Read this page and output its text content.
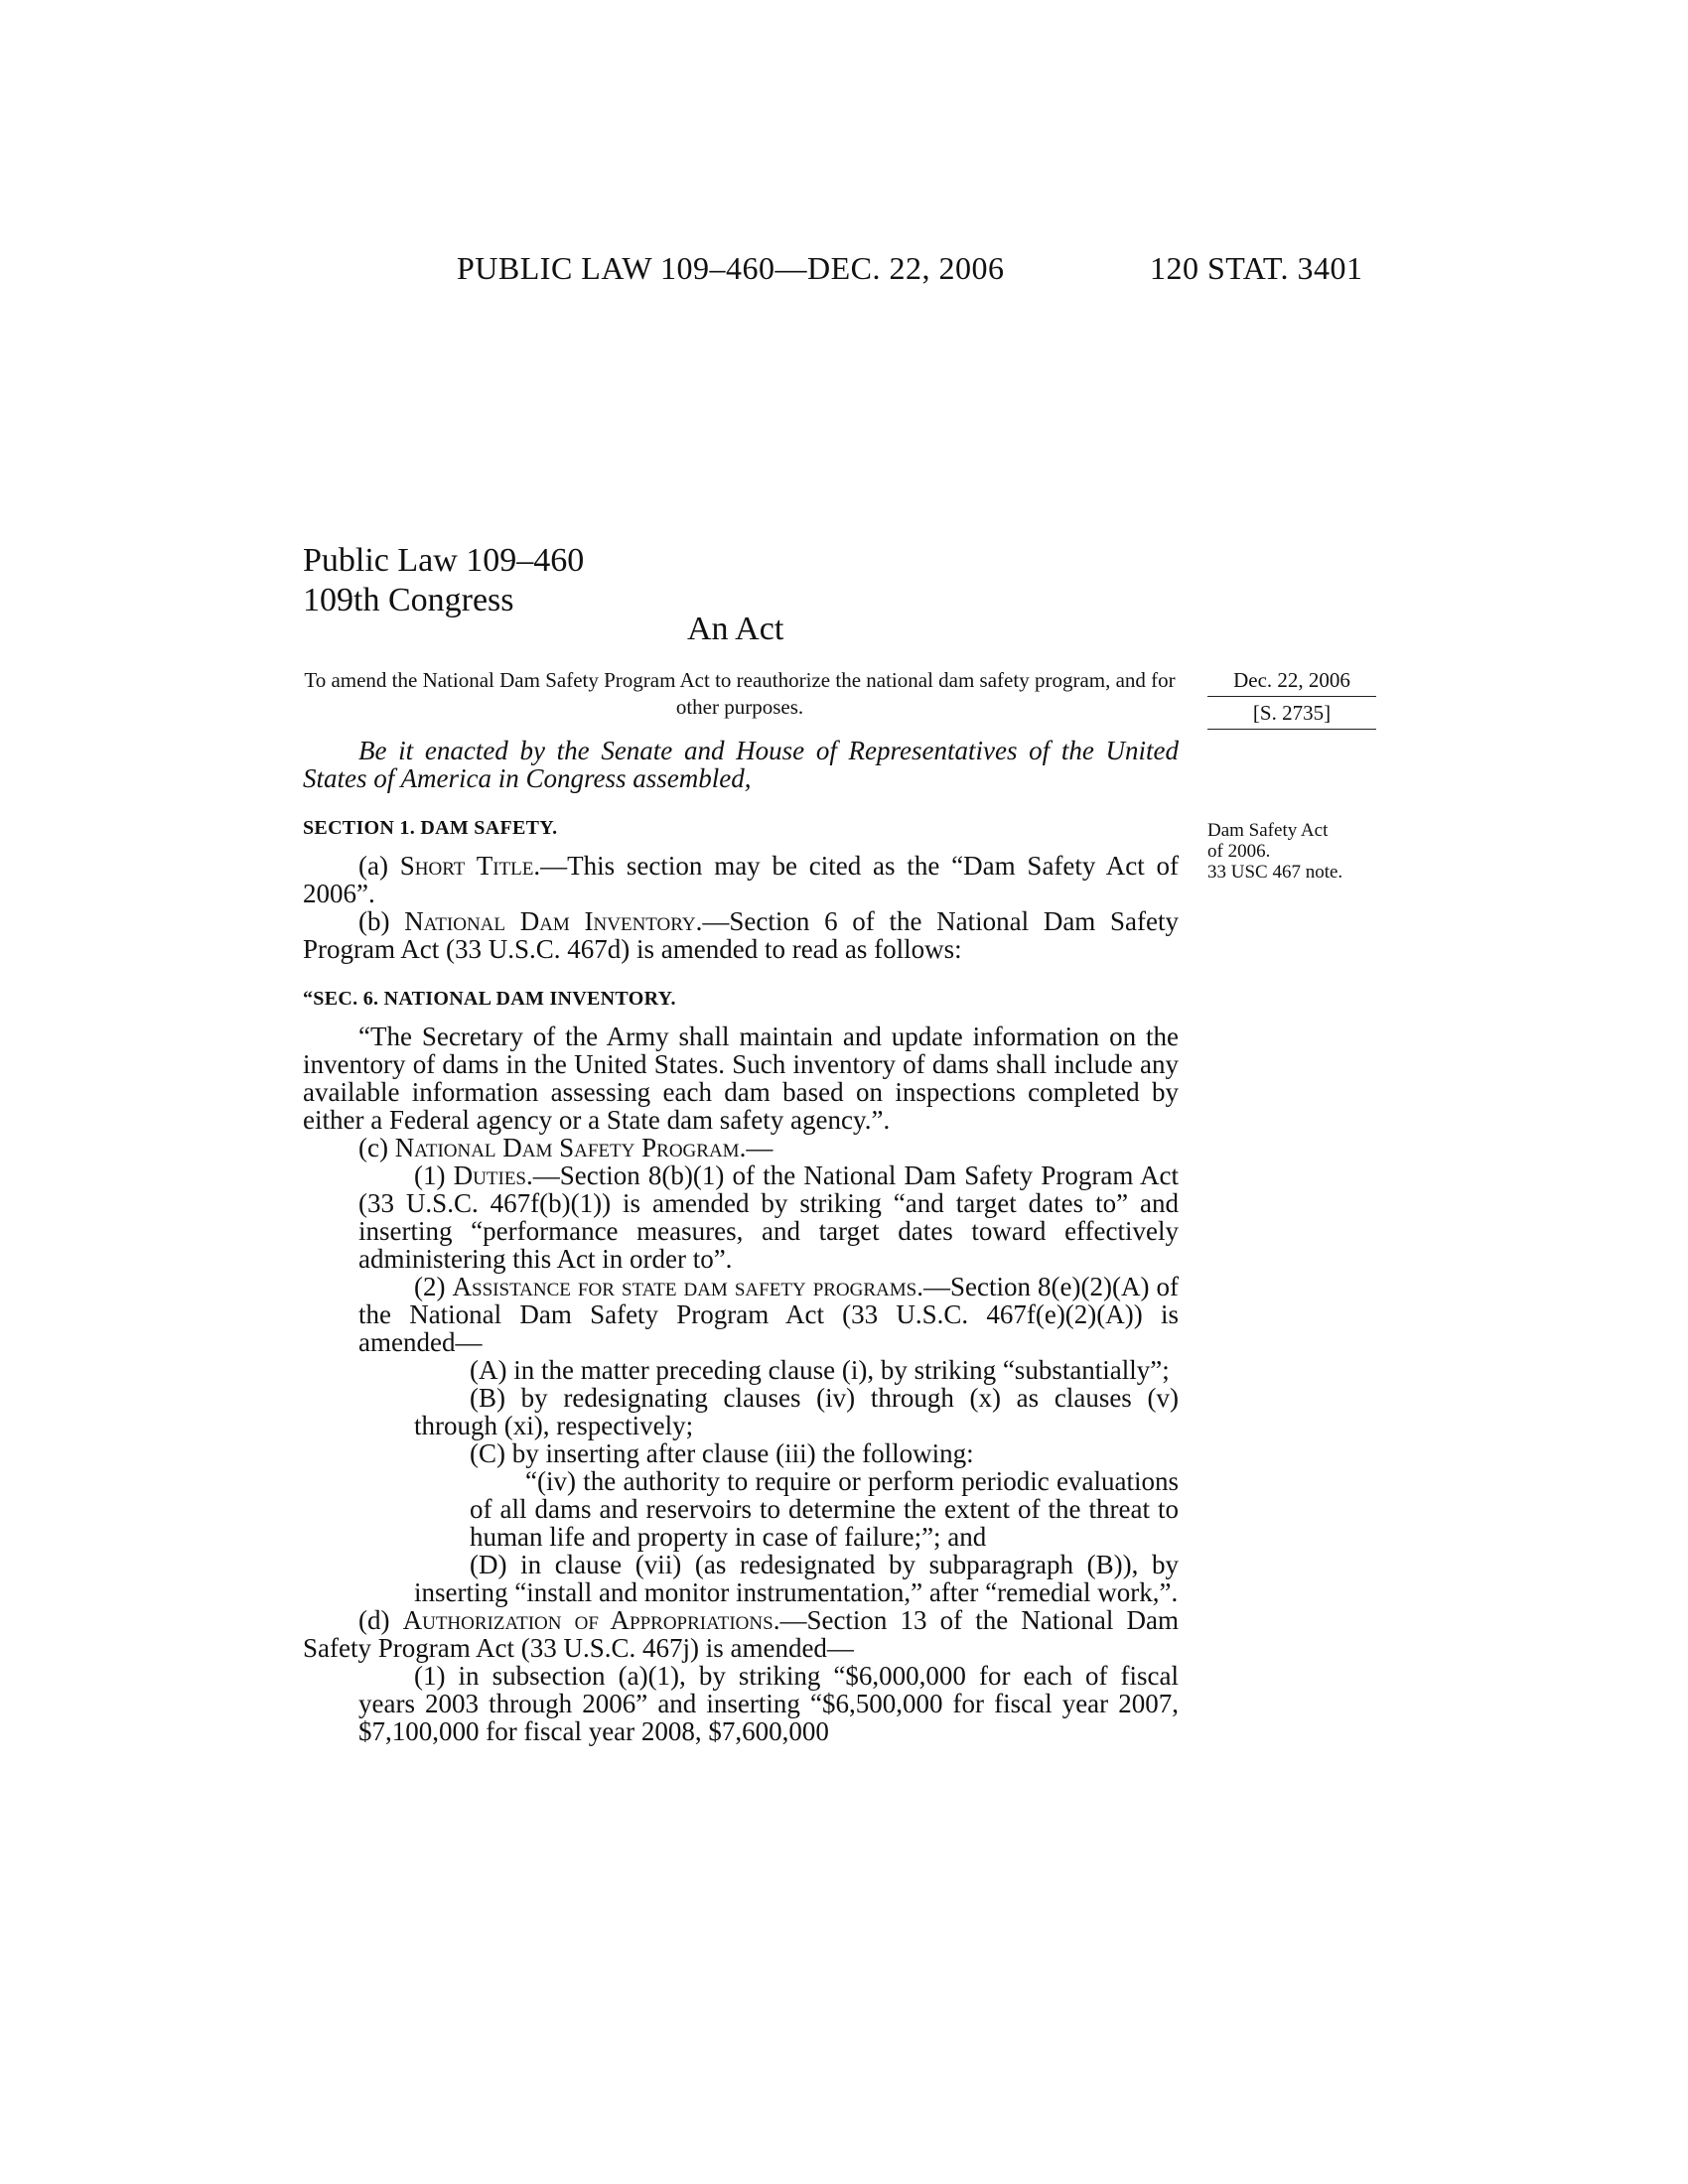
PUBLIC LAW 109–460—DEC. 22, 2006	120 STAT. 3401
Public Law 109–460
109th Congress
An Act
To amend the National Dam Safety Program Act to reauthorize the national dam safety program, and for other purposes.
Dec. 22, 2006
[S. 2735]
Dam Safety Act
of 2006.
33 USC 467 note.

Be it enacted by the Senate and House of Representatives of the United States of America in Congress assembled,

SECTION 1. DAM SAFETY.

(a) Short Title.—This section may be cited as the “Dam Safety Act of 2006”.

(b) National Dam Inventory.—Section 6 of the National Dam Safety Program Act (33 U.S.C. 467d) is amended to read as follows:

“SEC. 6. NATIONAL DAM INVENTORY.

“The Secretary of the Army shall maintain and update information on the inventory of dams in the United States. Such inventory of dams shall include any available information assessing each dam based on inspections completed by either a Federal agency or a State dam safety agency.”.

(c) National Dam Safety Program.—

(1) Duties.—Section 8(b)(1) of the National Dam Safety Program Act (33 U.S.C. 467f(b)(1)) is amended by striking “and target dates to” and inserting “performance measures, and target dates toward effectively administering this Act in order to”.

(2) Assistance for state dam safety programs.—Section 8(e)(2)(A) of the National Dam Safety Program Act (33 U.S.C. 467f(e)(2)(A)) is amended—

(A) in the matter preceding clause (i), by striking “substantially”;

(B) by redesignating clauses (iv) through (x) as clauses (v) through (xi), respectively;

(C) by inserting after clause (iii) the following:

“(iv) the authority to require or perform periodic evaluations of all dams and reservoirs to determine the extent of the threat to human life and property in case of failure;”; and

(D) in clause (vii) (as redesignated by subparagraph (B)), by inserting “install and monitor instrumentation,” after “remedial work,”.

(d) Authorization of Appropriations.—Section 13 of the National Dam Safety Program Act (33 U.S.C. 467j) is amended—

(1) in subsection (a)(1), by striking “$6,000,000 for each of fiscal years 2003 through 2006” and inserting “$6,500,000 for fiscal year 2007, $7,100,000 for fiscal year 2008, $7,600,000
